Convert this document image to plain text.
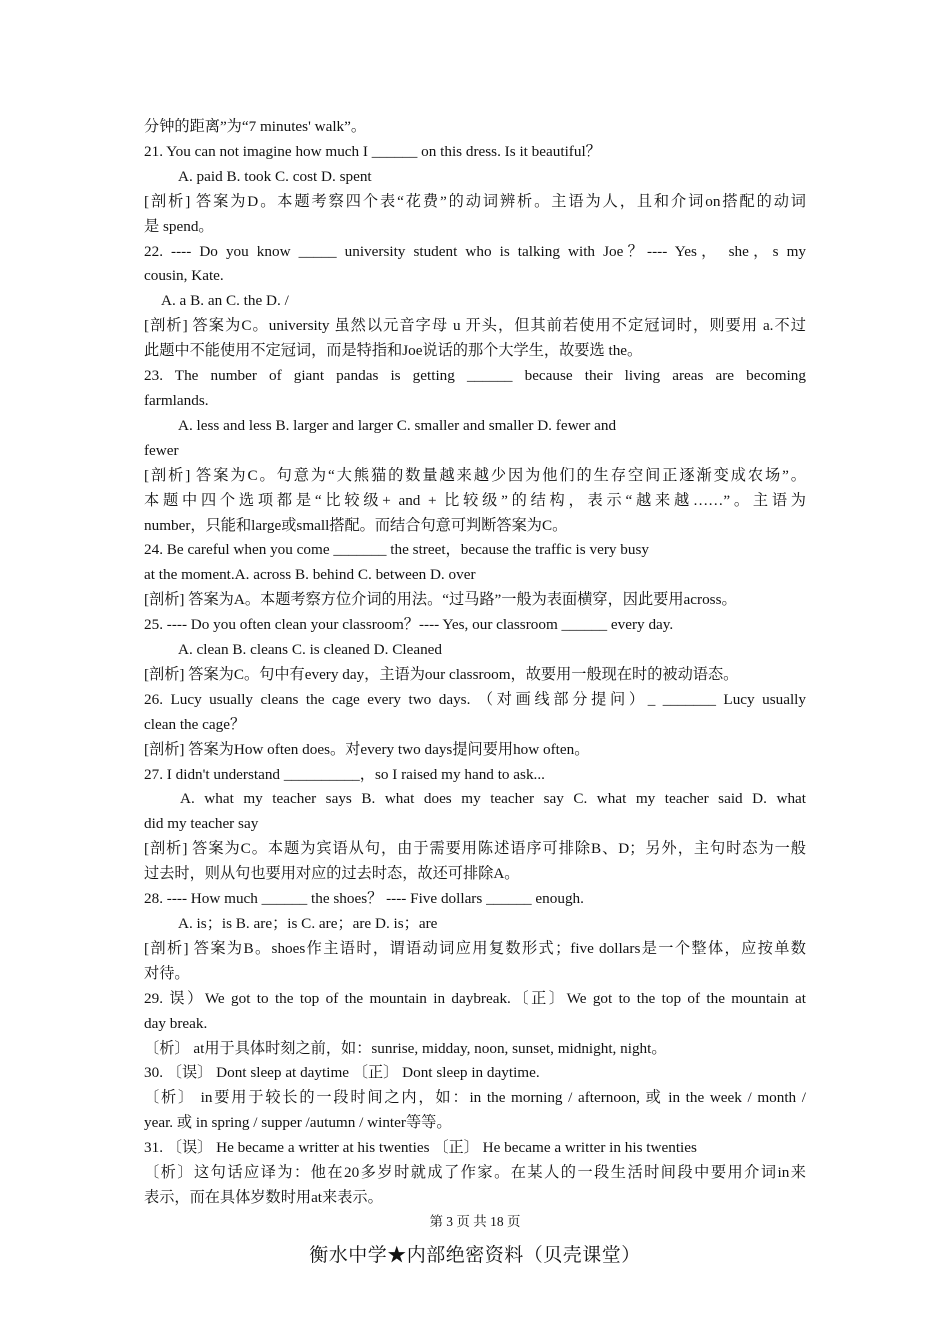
分钟的距离”为“7 minutes' walk”。
21. You can not imagine how much I ______ on this dress. Is it beautiful？
A. paid B. took C. cost D. spent
[剖析] 答案为D。本题考察四个表“花费”的动词辨析。主语为人，且和介词on搭配的动词
是 spend。
22. ---- Do you know _____ university student who is talking with Joe？---- Yes， she，s my
cousin, Kate.
A. a B. an C. the D. /
[剖析] 答案为C。university 虽然以元音字母 u 开头，但其前若使用不定冠词时，则要用 a.不过
此题中不能使用不定冠词，而是特指和Joe说话的那个大学生，故要选 the。
23. The number of giant pandas is getting ______ because their living areas are becoming
farmlands.
A. less and less B. larger and larger C. smaller and smaller D. fewer and
fewer
[剖析] 答案为C。句意为“大熊猫的数量越来越少因为他们的生存空间正逐渐变成农场”。
本题中四个选项都是“比较级+ and + 比较级”的结构，表示“越来越……”。主语为
number，只能和large或small搭配。而结合句意可判断答案为C。
24. Be careful when you come _______ the street，because the traffic is very busy
at the moment.A. across B. behind C. between D. over
[剖析] 答案为A。本题考察方位介词的用法。“过马路”一般为表面横穿，因此要用across。
25. ---- Do you often clean your classroom？---- Yes, our classroom ______ every day.
A. clean B. cleans C. is cleaned D. Cleaned
[剖析] 答案为C。句中有every day，主语为our classroom，故要用一般现在时的被动语态。
26. Lucy usually cleans the cage every two days. （对画线部分提问）_ _______ Lucy usually
clean the cage？
[剖析] 答案为How often does。对every two days提问要用how often。
27. I didn't understand __________，so I raised my hand to ask...
A. what my teacher says B. what does my teacher say C. what my teacher said D. what
did my teacher say
[剖析] 答案为C。本题为宾语从句，由于需要用陈述语序可排除B、D；另外，主句时态为一般
过去时，则从句也要用对应的过去时态，故还可排除A。
28. ---- How much ______ the shoes？ ---- Five dollars ______ enough.
A. is；is B. are；is C. are；are D. is；are
[剖析] 答案为B。shoes作主语时，谓语动词应用复数形式；five dollars是一个整体，应按单数
对待。
29. 误）We got to the top of the mountain in daybreak.〔正〕We got to the top of the mountain at
day break.
〔析〕 at用于具体时刻之前，如：sunrise, midday, noon, sunset, midnight, night。
30. 〔误〕 Dont sleep at daytime 〔正〕 Dont sleep in daytime.
〔析〕 in要用于较长的一段时间之内，如：in the morning / afternoon, 或 in the week / month /
year. 或 in spring / supper /autumn / winter等等。
31. 〔误〕 He became a writter at his twenties 〔正〕 He became a writter in his twenties
〔析〕这句话应译为：他在20多岁时就成了作家。在某人的一段生活时间段中要用介词in来
表示，而在具体岁数时用at来表示。
第 3 页 共 18 页
衡水中学★内部绝密资料（贝壳课堂）
